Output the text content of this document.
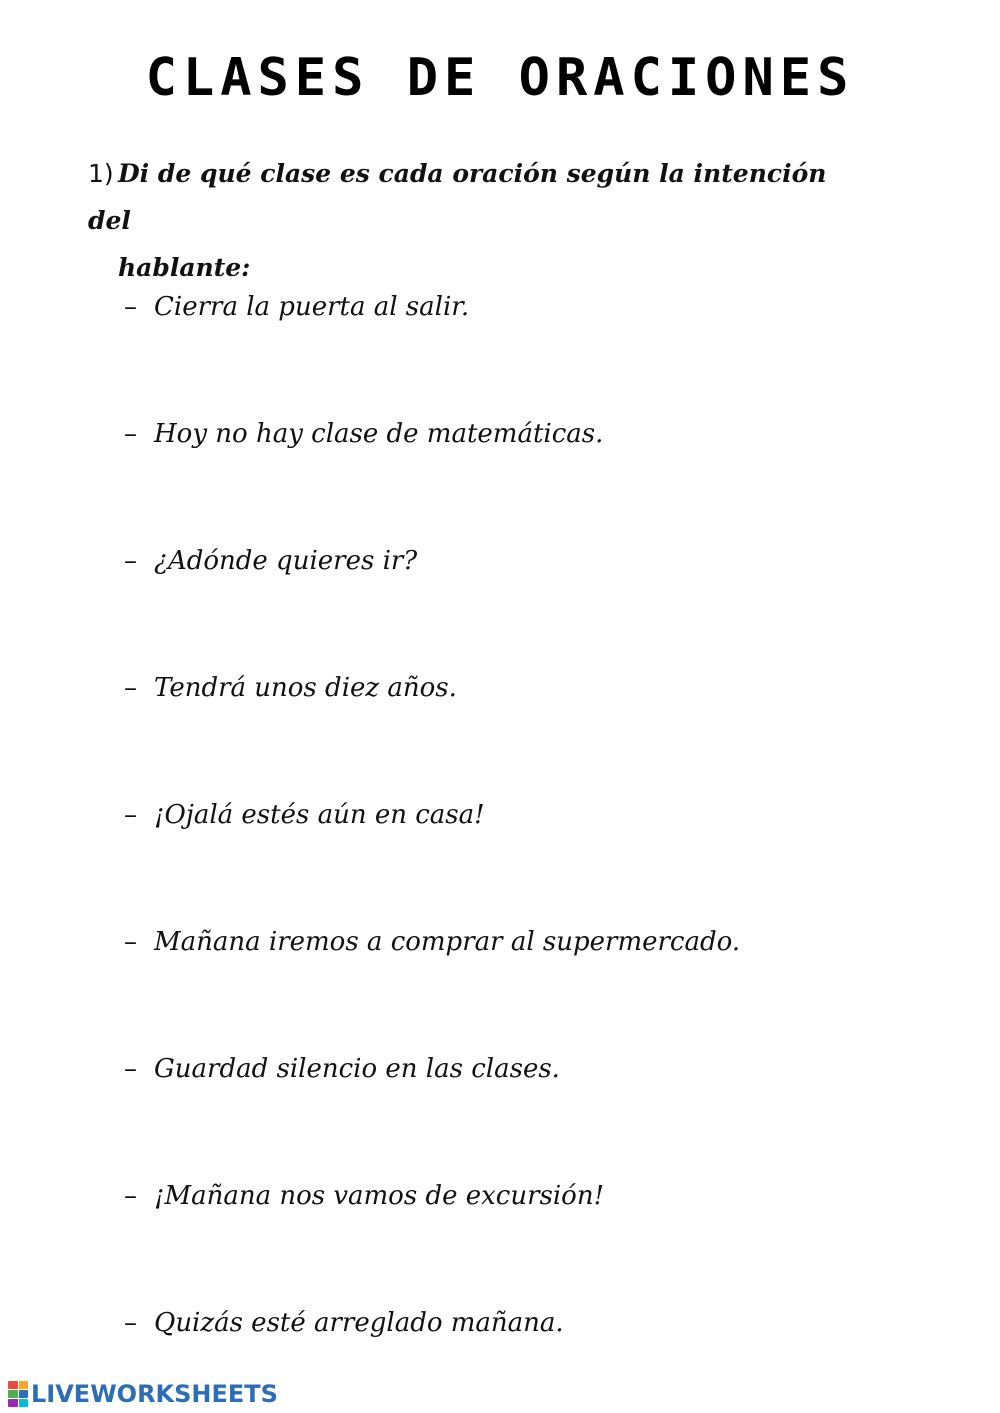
CLASES DE ORACIONES
1) Di de qué clase es cada oración según la intención del
hablante:
– Cierra la puerta al salir.
– Hoy no hay clase de matemáticas.
– ¿Adónde quieres ir?
– Tendrá unos diez años.
– ¡Ojalá estés aún en casa!
– Mañana iremos a comprar al supermercado.
– Guardad silencio en las clases.
– ¡Mañana nos vamos de excursión!
– Quizás esté arreglado mañana.
LIVEWORKSHEETS
